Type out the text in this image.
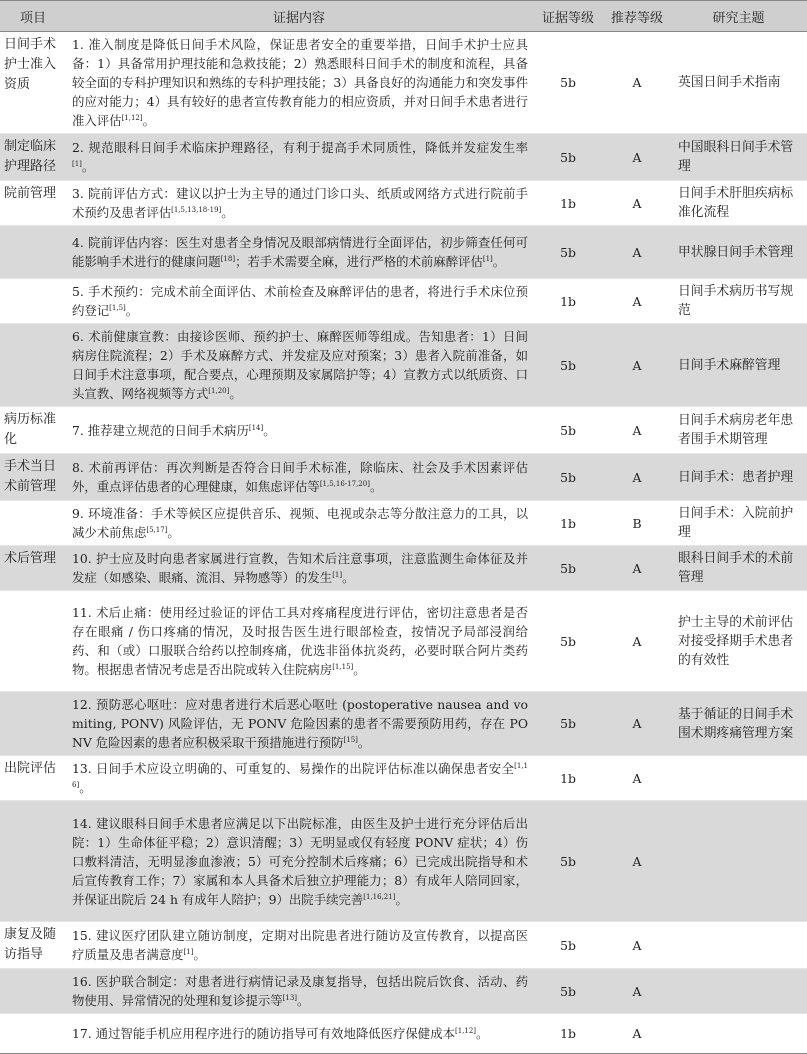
项目	证据内容	证据等级	推荐等级	研究主题
日间手术护士准入资质	1. 准入制度是降低日间手术风险，保证患者安全的重要举措，日间手术护士应具备：1）具备常用护理技能和急救技能；2）熟悉眼科日间手术的制度和流程，具备较全面的专科护理知识和熟练的专科护理技能；3）具备良好的沟通能力和突发事件的应对能力；4）具有较好的患者宣传教育能力的相应资质，并对日间手术患者进行准入评估[1,12]。	5b	A	英国日间手术指南
制定临床护理路径	2. 规范眼科日间手术临床护理路径，有利于提高手术同质性，降低并发症发生率[1]。	5b	A	中国眼科日间手术管理
院前管理	3. 院前评估方式：建议以护士为主导的通过门诊口头、纸质或网络方式进行院前手术预约及患者评估[1,5,13,18-19]。	1b	A	日间手术肝胆疾病标准化流程
	4. 院前评估内容：医生对患者全身情况及眼部病情进行全面评估，初步筛查任何可能影响手术进行的健康问题[18]；若手术需要全麻，进行严格的术前麻醉评估[1]。	5b	A	甲状腺日间手术管理
	5. 手术预约：完成术前全面评估、术前检查及麻醉评估的患者，将进行手术床位预约登记[1,5]。	1b	A	日间手术病历书写规范
	6. 术前健康宣教：由接诊医师、预约护士、麻醉医师等组成。告知患者：1）日间病房住院流程；2）手术及麻醉方式、并发症及应对预案；3）患者入院前准备，如日间手术注意事项，配合要点，心理预期及家属陪护等；4）宣教方式以纸质资、口头宣教、网络视频等方式[1,20]。	5b	A	日间手术麻醉管理
病历标准化	7. 推荐建立规范的日间手术病历[14]。	5b	A	日间手术病房老年患者围手术期管理
手术当日术前管理	8. 术前再评估：再次判断是否符合日间手术标准，除临床、社会及手术因素评估外，重点评估患者的心理健康，如焦虑评估等[1,5,16-17,20]。	5b	A	日间手术：患者护理
	9. 环境准备：手术等候区应提供音乐、视频、电视或杂志等分散注意力的工具，以减少术前焦虑[5,17]。	1b	B	日间手术：入院前护理
术后管理	10. 护士应及时向患者家属进行宣教，告知术后注意事项，注意监测生命体征及并发症（如感染、眼痛、流泪、异物感等）的发生[1]。	5b	A	眼科日间手术的术前管理
	11. 术后止痛：使用经过验证的评估工具对疼痛程度进行评估，密切注意患者是否存在眼痛 / 伤口疼痛的情况，及时报告医生进行眼部检查，按情况予局部浸润给药、和（或）口服联合给药以控制疼痛，优选非甾体抗炎药，必要时联合阿片类药物。根据患者情况考虑是否出院或转入住院病房[1,15]。	5b	A	护士主导的术前评估对接受择期手术患者的有效性
	12. 预防恶心呕吐：应对患者进行术后恶心呕吐 (postoperative nausea and vomiting, PONV) 风险评估，无 PONV 危险因素的患者不需要预防用药，存在 PONV 危险因素的患者应积极采取干预措施进行预防[15]。	5b	A	基于循证的日间手术围术期疼痛管理方案
出院评估	13. 日间手术应设立明确的、可重复的、易操作的出院评估标准以确保患者安全[1,16]。	1b	A	
	14. 建议眼科日间手术患者应满足以下出院标准，由医生及护士进行充分评估后出院：1）生命体征平稳；2）意识清醒；3）无明显或仅有轻度 PONV 症状；4）伤口敷料清洁，无明显渗血渗液；5）可充分控制术后疼痛；6）已完成出院指导和术后宣传教育工作；7）家属和本人具备术后独立护理能力；8）有成年人陪同回家，并保证出院后 24 h 有成年人陪护；9）出院手续完善[1,16,21]。	5b	A	
康复及随访指导	15. 建议医疗团队建立随访制度，定期对出院患者进行随访及宣传教育，以提高医疗质量及患者满意度[1]。	5b	A	
	16. 医护联合制定：对患者进行病情记录及康复指导，包括出院后饮食、活动、药物使用、异常情况的处理和复诊提示等[13]。	5b	A	
	17. 通过智能手机应用程序进行的随访指导可有效地降低医疗保健成本[1,12]。	1b	A	
